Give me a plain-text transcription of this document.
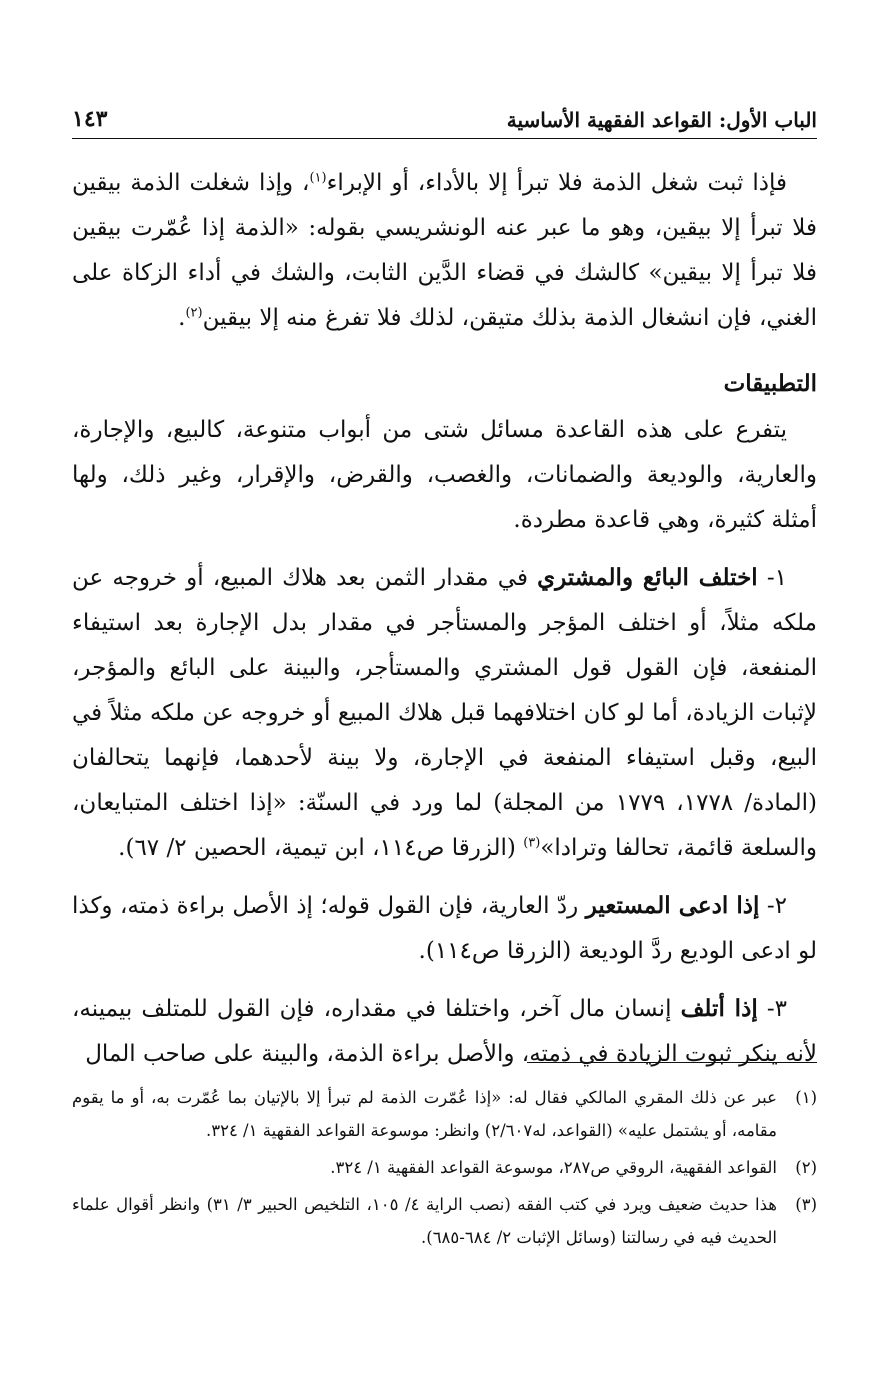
الباب الأول: القواعد الفقهية الأساسية
١٤٣

فإذا ثبت شغل الذمة فلا تبرأ إلا بالأداء، أو الإبراء$^{(١)}$، وإذا شغلت الذمة بيقين فلا تبرأ إلا بيقين، وهو ما عبر عنه الونشريسي بقوله: «الذمة إذا عُمّرت بيقين فلا تبرأ إلا بيقين» كالشك في قضاء الدَّين الثابت، والشك في أداء الزكاة على الغني، فإن انشغال الذمة بذلك متيقن، لذلك فلا تفرغ منه إلا بيقين$^{(٢)}$.

التطبيقات

يتفرع على هذه القاعدة مسائل شتى من أبواب متنوعة، كالبيع، والإجارة، والعارية، والوديعة والضمانات، والغصب، والقرض، والإقرار، وغير ذلك، ولها أمثلة كثيرة، وهي قاعدة مطردة.

١- اختلف البائع والمشتري في مقدار الثمن بعد هلاك المبيع، أو خروجه عن ملكه مثلاً، أو اختلف المؤجر والمستأجر في مقدار بدل الإجارة بعد استيفاء المنفعة، فإن القول قول المشتري والمستأجر، والبينة على البائع والمؤجر، لإثبات الزيادة، أما لو كان اختلافهما قبل هلاك المبيع أو خروجه عن ملكه مثلاً في البيع، وقبل استيفاء المنفعة في الإجارة، ولا بينة لأحدهما، فإنهما يتحالفان (المادة/ ١٧٧٨، ١٧٧٩ من المجلة) لما ورد في السنّة: «إذا اختلف المتبايعان، والسلعة قائمة، تحالفا وترادا»$^{(٣)}$ (الزرقا ص١١٤، ابن تيمية، الحصين ٢/ ٦٧).

٢- إذا ادعى المستعير ردّ العارية، فإن القول قوله؛ إذ الأصل براءة ذمته، وكذا لو ادعى الوديع ردَّ الوديعة (الزرقا ص١١٤).

٣- إذا أتلف إنسان مال آخر، واختلفا في مقداره، فإن القول للمتلف بيمينه، لأنه ينكر ثبوت الزيادة في ذمته، والأصل براءة الذمة، والبينة على صاحب المال

(١)
عبر عن ذلك المقري المالكي فقال له: «إذا عُمّرت الذمة لم تبرأ إلا بالإتيان بما عُمّرت به، أو ما يقوم مقامه، أو يشتمل عليه» (القواعد، له٢/٦٠٧) وانظر: موسوعة القواعد الفقهية ١/ ٣٢٤.
(٢)
القواعد الفقهية، الروقي ص٢٨٧، موسوعة القواعد الفقهية ١/ ٣٢٤.
(٣)
هذا حديث ضعيف ويرد في كتب الفقه (نصب الراية ٤/ ١٠٥، التلخيص الحبير ٣/ ٣١) وانظر أقوال علماء الحديث فيه في رسالتنا (وسائل الإثبات ٢/ ٦٨٤-٦٨٥).
